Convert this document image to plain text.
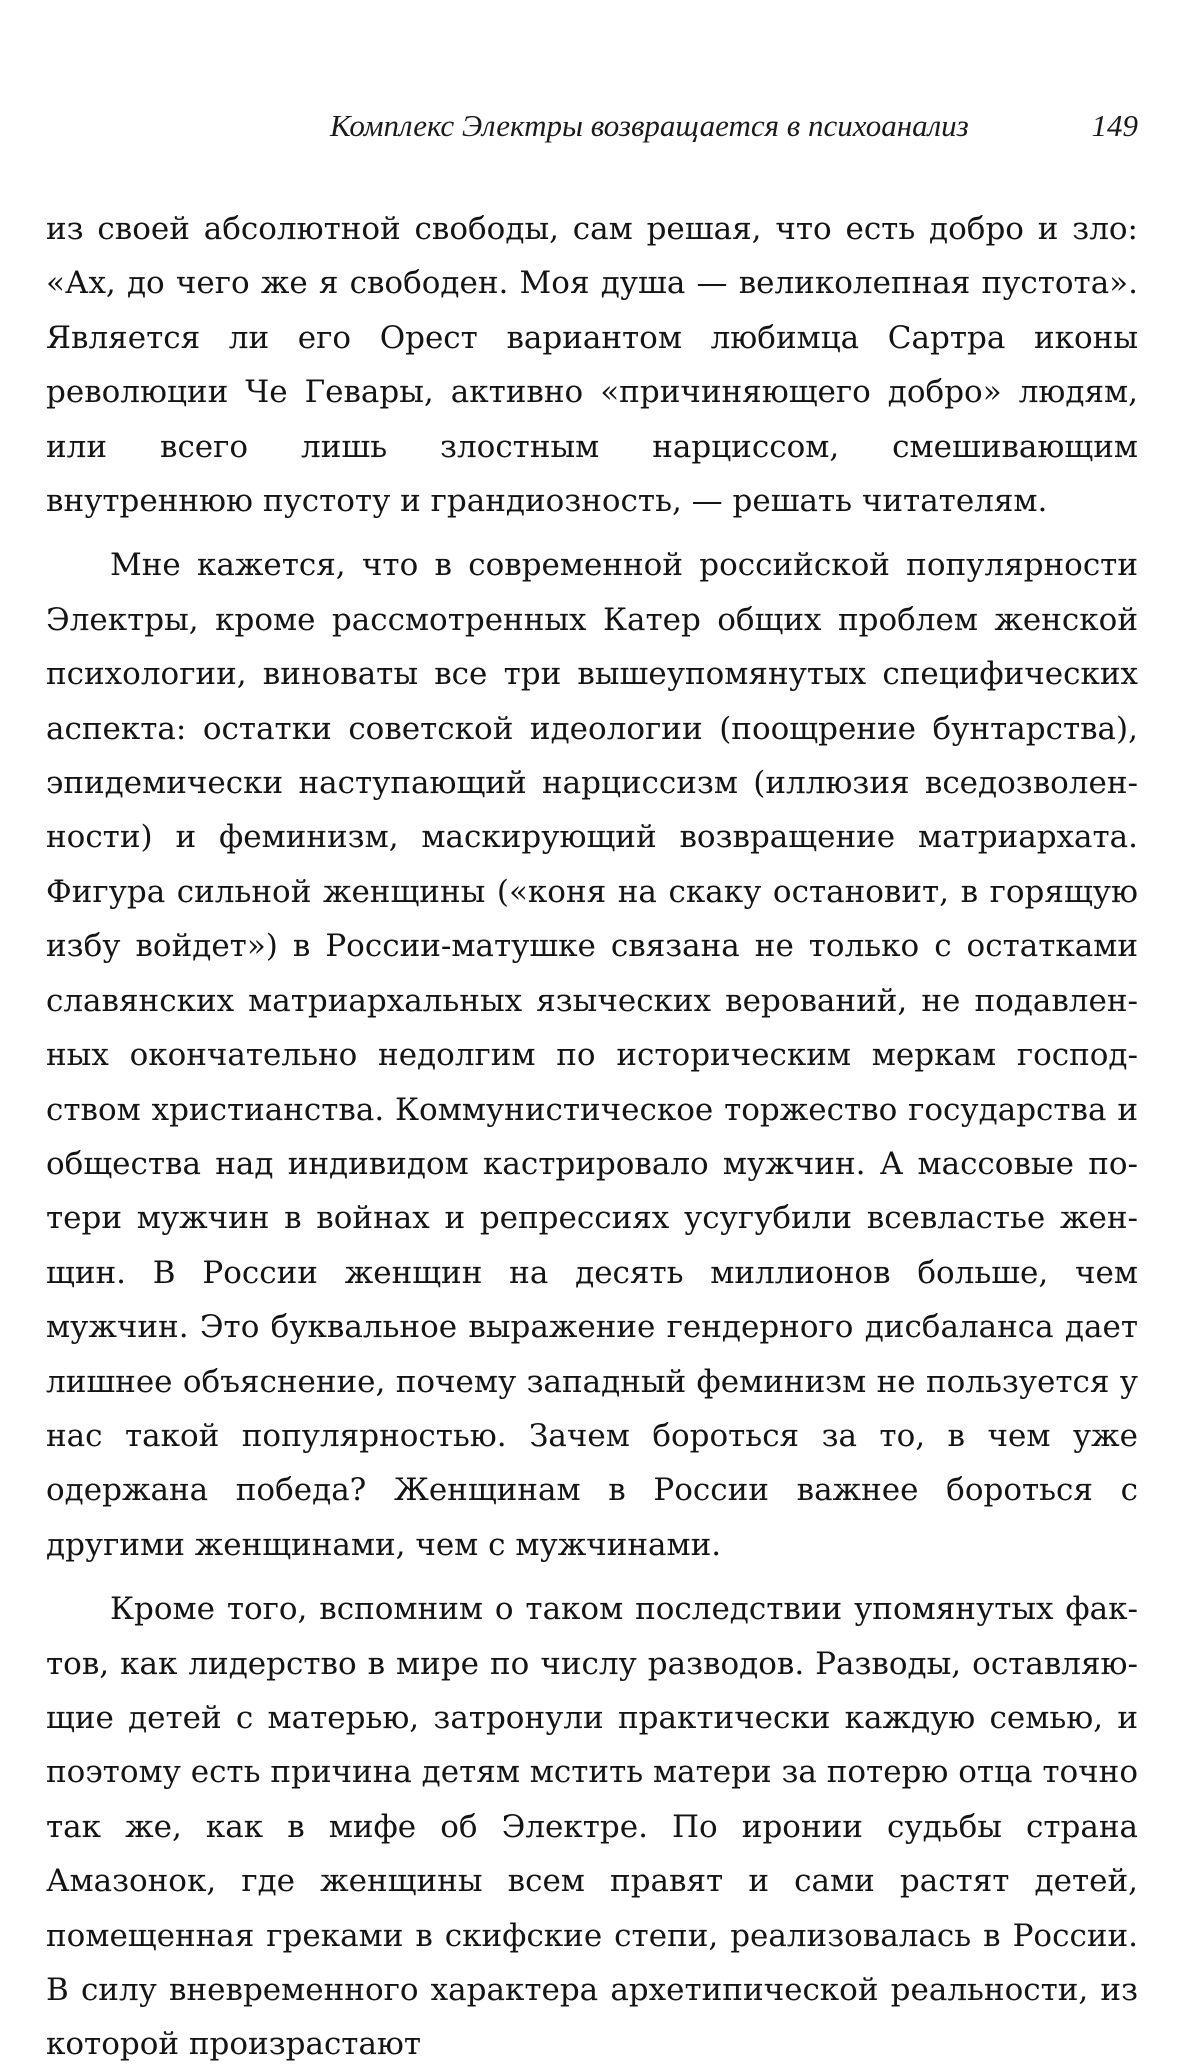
Комплекс Электры возвращается в психоанализ	149

из своей абсолютной свободы, сам решая, что есть добро и зло: «Ах, до чего же я свободен. Моя душа — великолепная пустота». Является ли его Орест вариантом любимца Сартра иконы революции Че Гевары, активно «причиняющего добро» людям, или всего лишь злостным нарциссом, смешивающим внутреннюю пустоту и грандиозность, — решать читателям.

Мне кажется, что в современной российской популярности Электры, кроме рассмотренных Катер общих проблем женской психологии, виноваты все три вышеупомянутых специфических аспекта: остатки советской идеологии (поощрение бунтарства), эпидемически наступающий нарциссизм (иллюзия вседозволенности) и феминизм, маскирующий возвращение матриархата. Фигура сильной женщины («коня на скаку остановит, в горящую избу войдет») в России-матушке связана не только с остатками славянских матриархальных языческих верований, не подавленных окончательно недолгим по историческим меркам господством христианства. Коммунистическое торжество государства и общества над индивидом кастрировало мужчин. А массовые потери мужчин в войнах и репрессиях усугубили всевластье женщин. В России женщин на десять миллионов больше, чем мужчин. Это буквальное выражение гендерного дисбаланса дает лишнее объяснение, почему западный феминизм не пользуется у нас такой популярностью. Зачем бороться за то, в чем уже одержана победа? Женщинам в России важнее бороться с другими женщинами, чем с мужчинами.

Кроме того, вспомним о таком последствии упомянутых фактов, как лидерство в мире по числу разводов. Разводы, оставляющие детей с матерью, затронули практически каждую семью, и поэтому есть причина детям мстить матери за потерю отца точно так же, как в мифе об Электре. По иронии судьбы страна Амазонок, где женщины всем правят и сами растят детей, помещенная греками в скифские степи, реализовалась в России. В силу вневременного характера архетипической реальности, из которой произрастают
